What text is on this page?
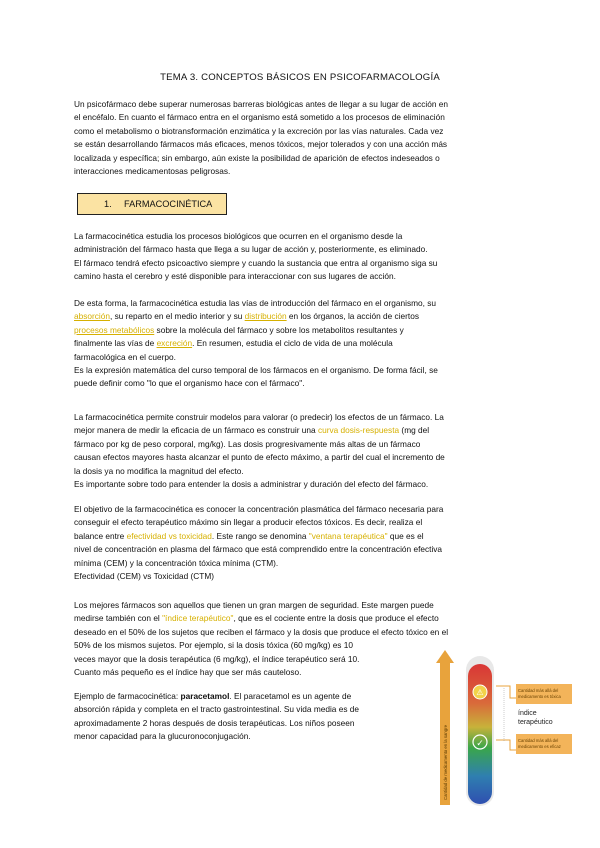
TEMA 3. CONCEPTOS BÁSICOS EN PSICOFARMACOLOGÍA

Un psicofármaco debe superar numerosas barreras biológicas antes de llegar a su lugar de acción en
el encéfalo. En cuanto el fármaco entra en el organismo está sometido a los procesos de eliminación
como el metabolismo o biotransformación enzimática y la excreción por las vías naturales. Cada vez
se están desarrollando fármacos más eficaces, menos tóxicos, mejor tolerados y con una acción más
localizada y específica; sin embargo, aún existe la posibilidad de aparición de efectos indeseados o
interacciones medicamentosas peligrosas.

1. FARMACOCINÉTICA

La farmacocinética estudia los procesos biológicos que ocurren en el organismo desde la
administración del fármaco hasta que llega a su lugar de acción y, posteriormente, es eliminado.
El fármaco tendrá efecto psicoactivo siempre y cuando la sustancia que entra al organismo siga su
camino hasta el cerebro y esté disponible para interaccionar con sus lugares de acción.

De esta forma, la farmacocinética estudia las vías de introducción del fármaco en el organismo, su
absorción, su reparto en el medio interior y su distribución en los órganos, la acción de ciertos
procesos metabólicos sobre la molécula del fármaco y sobre los metabolitos resultantes y
finalmente las vías de excreción. En resumen, estudia el ciclo de vida de una molécula
farmacológica en el cuerpo.
Es la expresión matemática del curso temporal de los fármacos en el organismo. De forma fácil, se
puede definir como "lo que el organismo hace con el fármaco".

La farmacocinética permite construir modelos para valorar (o predecir) los efectos de un fármaco. La
mejor manera de medir la eficacia de un fármaco es construir una curva dosis-respuesta (mg del
fármaco por kg de peso corporal, mg/kg). Las dosis progresivamente más altas de un fármaco
causan efectos mayores hasta alcanzar el punto de efecto máximo, a partir del cual el incremento de
la dosis ya no modifica la magnitud del efecto.
Es importante sobre todo para entender la dosis a administrar y duración del efecto del fármaco.

El objetivo de la farmacocinética es conocer la concentración plasmática del fármaco necesaria para
conseguir el efecto terapéutico máximo sin llegar a producir efectos tóxicos. Es decir, realiza el
balance entre efectividad vs toxicidad. Este rango se denomina "ventana terapéutica" que es el
nivel de concentración en plasma del fármaco que está comprendido entre la concentración efectiva
mínima (CEM) y la concentración tóxica mínima (CTM).
Efectividad (CEM) vs Toxicidad (CTM)

Los mejores fármacos son aquellos que tienen un gran margen de seguridad. Este margen puede
medirse también con el "índice terapéutico", que es el cociente entre la dosis que produce el efecto
deseado en el 50% de los sujetos que reciben el fármaco y la dosis que produce el efecto tóxico en el
50% de los mismos sujetos. Por ejemplo, si la dosis tóxica (60 mg/kg) es 10
veces mayor que la dosis terapéutica (6 mg/kg), el índice terapéutico será 10.
Cuanto más pequeño es el índice hay que ser más cauteloso.

Ejemplo de farmacocinética: paracetamol. El paracetamol es un agente de
absorción rápida y completa en el tracto gastrointestinal. Su vida media es de
aproximadamente 2 horas después de dosis terapéuticas. Los niños poseen
menor capacidad para la glucuronoconjugación.	Cantidad de medicamento en la sangre
⚠
✓
Cantidad más allá del medicamento es tóxica
Cantidad más allá del medicamento es eficaz
índice
terapéutico
